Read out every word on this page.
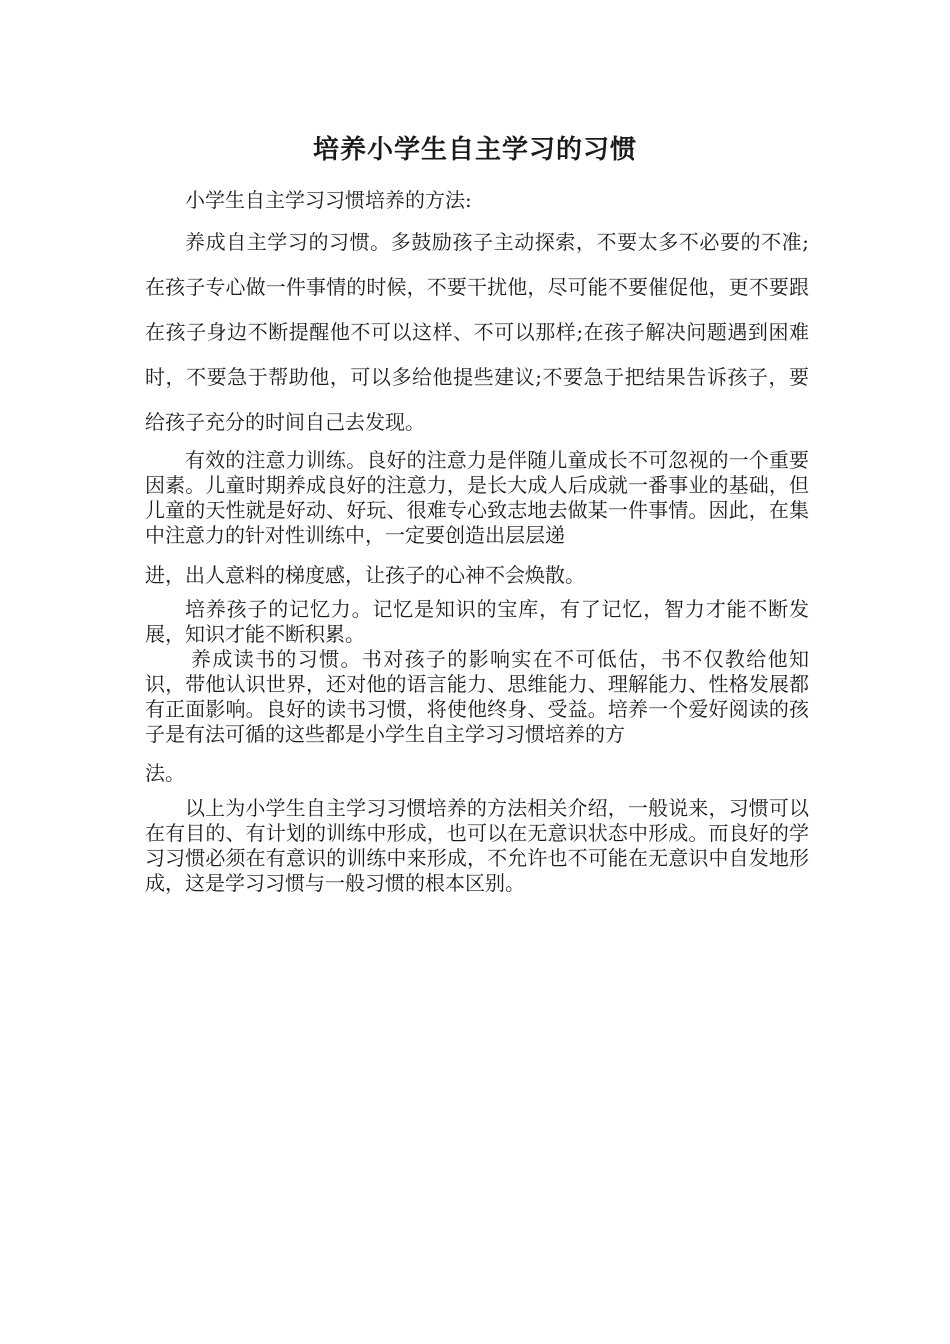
培养小学生自主学习的习惯

小学生自主学习习惯培养的方法:

养成自主学习的习惯。多鼓励孩子主动探索，不要太多不必要的不准;在孩子专心做一件事情的时候，不要干扰他，尽可能不要催促他，更不要跟在孩子身边不断提醒他不可以这样、不可以那样;在孩子解决问题遇到困难时，不要急于帮助他，可以多给他提些建议;不要急于把结果告诉孩子，要给孩子充分的时间自己去发现。

有效的注意力训练。良好的注意力是伴随儿童成长不可忽视的一个重要因素。儿童时期养成良好的注意力，是长大成人后成就一番事业的基础，但儿童的天性就是好动、好玩、很难专心致志地去做某一件事情。因此，在集中注意力的针对性训练中，一定要创造出层层递

进，出人意料的梯度感，让孩子的心神不会焕散。

培养孩子的记忆力。记忆是知识的宝库，有了记忆，智力才能不断发展，知识才能不断积累。

养成读书的习惯。书对孩子的影响实在不可低估，书不仅教给他知识，带他认识世界，还对他的语言能力、思维能力、理解能力、性格发展都有正面影响。良好的读书习惯，将使他终身、受益。培养一个爱好阅读的孩子是有法可循的这些都是小学生自主学习习惯培养的方

法。

以上为小学生自主学习习惯培养的方法相关介绍，一般说来，习惯可以在有目的、有计划的训练中形成，也可以在无意识状态中形成。而良好的学习习惯必须在有意识的训练中来形成，不允许也不可能在无意识中自发地形成，这是学习习惯与一般习惯的根本区别。
